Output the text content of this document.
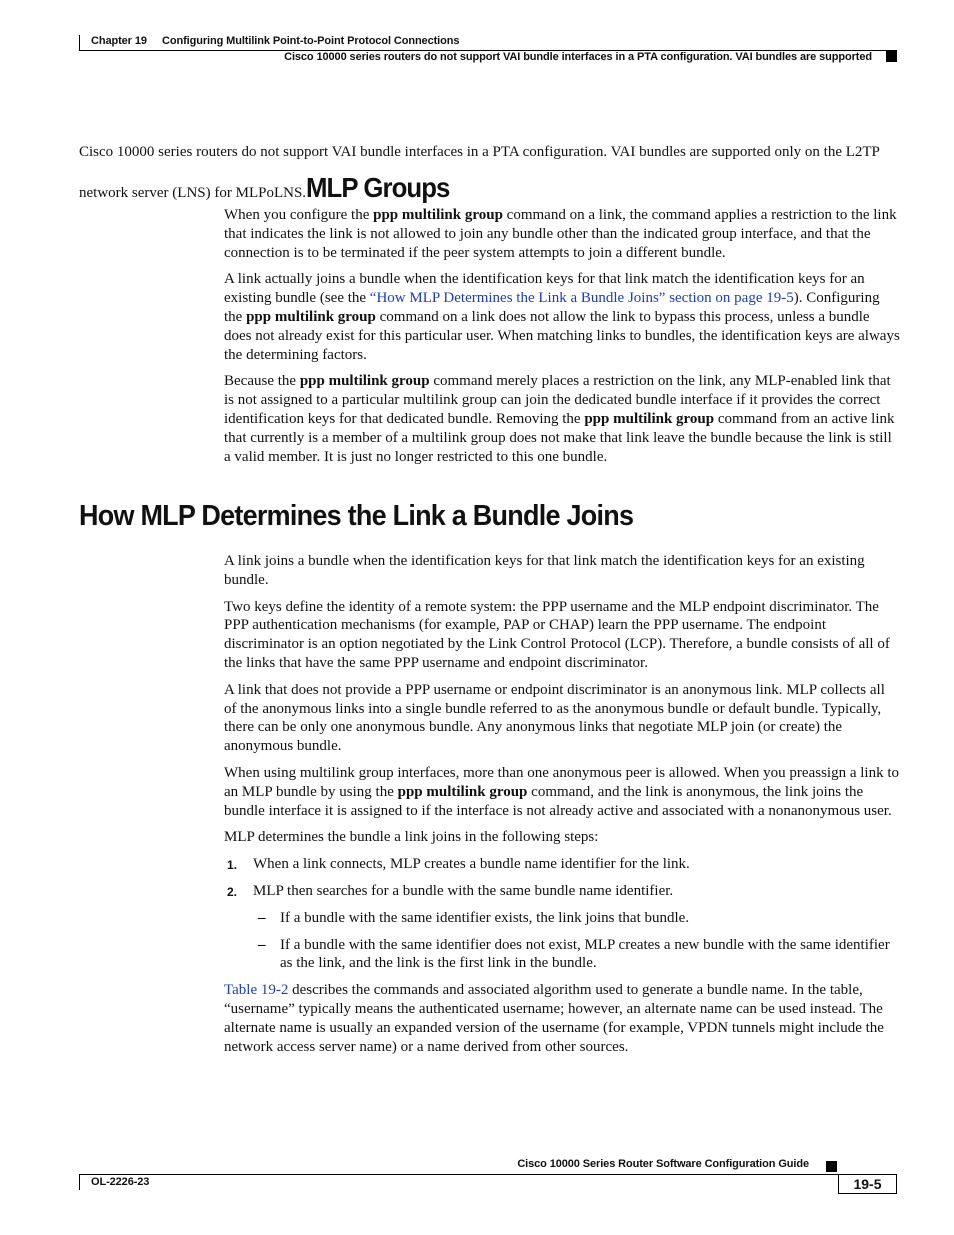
Chapter 19 Configuring Multilink Point-to-Point Protocol Connections
Cisco 10000 series routers do not support VAI bundle interfaces in a PTA configuration. VAI bundles are supported
Cisco 10000 series routers do not support VAI bundle interfaces in a PTA configuration. VAI bundles are supported only on the L2TP network server (LNS) for MLPoLNS.MLP Groups

When you configure the ppp multilink group command on a link, the command applies a restriction to the link that indicates the link is not allowed to join any bundle other than the indicated group interface, and that the connection is to be terminated if the peer system attempts to join a different bundle.

A link actually joins a bundle when the identification keys for that link match the identification keys for an existing bundle (see the “How MLP Determines the Link a Bundle Joins” section on page 19-5). Configuring the ppp multilink group command on a link does not allow the link to bypass this process, unless a bundle does not already exist for this particular user. When matching links to bundles, the identification keys are always the determining factors.

Because the ppp multilink group command merely places a restriction on the link, any MLP-enabled link that is not assigned to a particular multilink group can join the dedicated bundle interface if it provides the correct identification keys for that dedicated bundle. Removing the ppp multilink group command from an active link that currently is a member of a multilink group does not make that link leave the bundle because the link is still a valid member. It is just no longer restricted to this one bundle.

How MLP Determines the Link a Bundle Joins

A link joins a bundle when the identification keys for that link match the identification keys for an existing bundle.

Two keys define the identity of a remote system: the PPP username and the MLP endpoint discriminator. The PPP authentication mechanisms (for example, PAP or CHAP) learn the PPP username. The endpoint discriminator is an option negotiated by the Link Control Protocol (LCP). Therefore, a bundle consists of all of the links that have the same PPP username and endpoint discriminator.

A link that does not provide a PPP username or endpoint discriminator is an anonymous link. MLP collects all of the anonymous links into a single bundle referred to as the anonymous bundle or default bundle. Typically, there can be only one anonymous bundle. Any anonymous links that negotiate MLP join (or create) the anonymous bundle.

When using multilink group interfaces, more than one anonymous peer is allowed. When you preassign a link to an MLP bundle by using the ppp multilink group command, and the link is anonymous, the link joins the bundle interface it is assigned to if the interface is not already active and associated with a nonanonymous user.

MLP determines the bundle a link joins in the following steps:

1. When a link connects, MLP creates a bundle name identifier for the link.
2. MLP then searches for a bundle with the same bundle name identifier.
– If a bundle with the same identifier exists, the link joins that bundle.
– If a bundle with the same identifier does not exist, MLP creates a new bundle with the same identifier as the link, and the link is the first link in the bundle.

Table 19-2 describes the commands and associated algorithm used to generate a bundle name. In the table, “username” typically means the authenticated username; however, an alternate name can be used instead. The alternate name is usually an expanded version of the username (for example, VPDN tunnels might include the network access server name) or a name derived from other sources.

Cisco 10000 Series Router Software Configuration Guide
OL-2226-23	19-5
